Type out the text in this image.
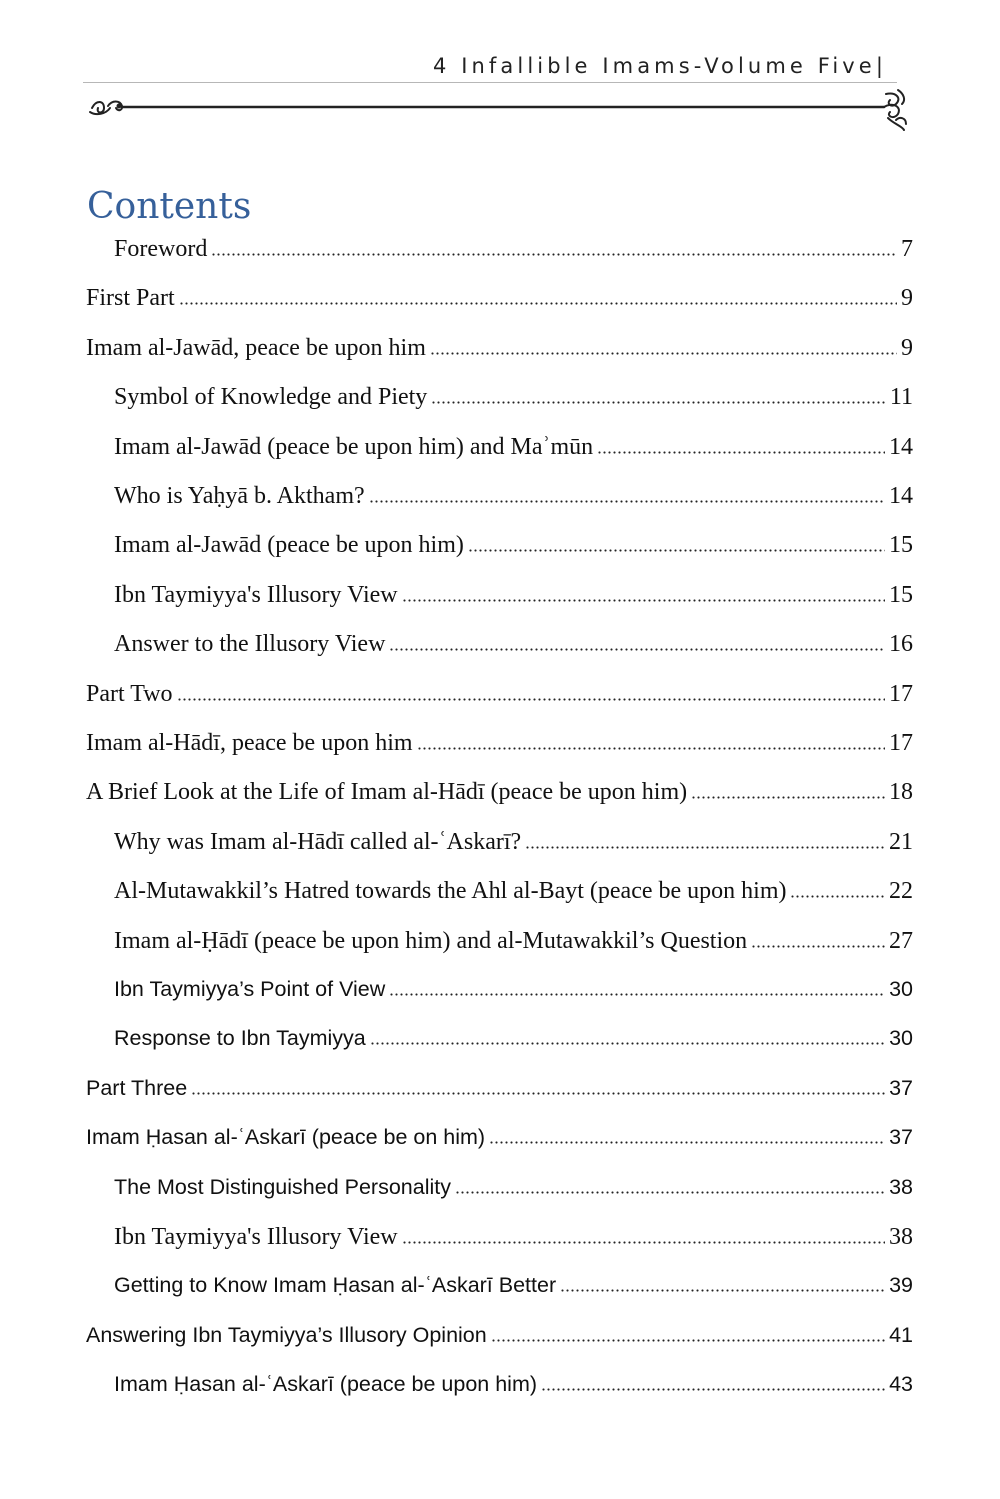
4 Infallible Imams-Volume Five|
Contents
Foreword	7
First Part	9
Imam al-Jawād, peace be upon him	9
Symbol of Knowledge and Piety	11
Imam al-Jawād (peace be upon him) and Maʾmūn	14
Who is Yaḥyā b. Aktham?	14
Imam al-Jawād (peace be upon him)	15
Ibn Taymiyya's Illusory View	15
Answer to the Illusory View	16
Part Two	17
Imam al-Hādī, peace be upon him	17
A Brief Look at the Life of Imam al-Hādī (peace be upon him)	18
Why was Imam al-Hādī called al-ʿAskarī?	21
Al-Mutawakkil’s Hatred towards the Ahl al-Bayt (peace be upon him)	22
Imam al-Ḥādī (peace be upon him) and al-Mutawakkil’s Question	27
Ibn Taymiyya’s Point of View	30
Response to Ibn Taymiyya	30
Part Three	37
Imam Ḥasan al-ʿAskarī (peace be on him)	37
The Most Distinguished Personality	38
Ibn Taymiyya's Illusory View	38
Getting to Know Imam Ḥasan al-ʿAskarī Better	39
Answering Ibn Taymiyya’s Illusory Opinion	41
Imam Ḥasan al-ʿAskarī (peace be upon him)	43
